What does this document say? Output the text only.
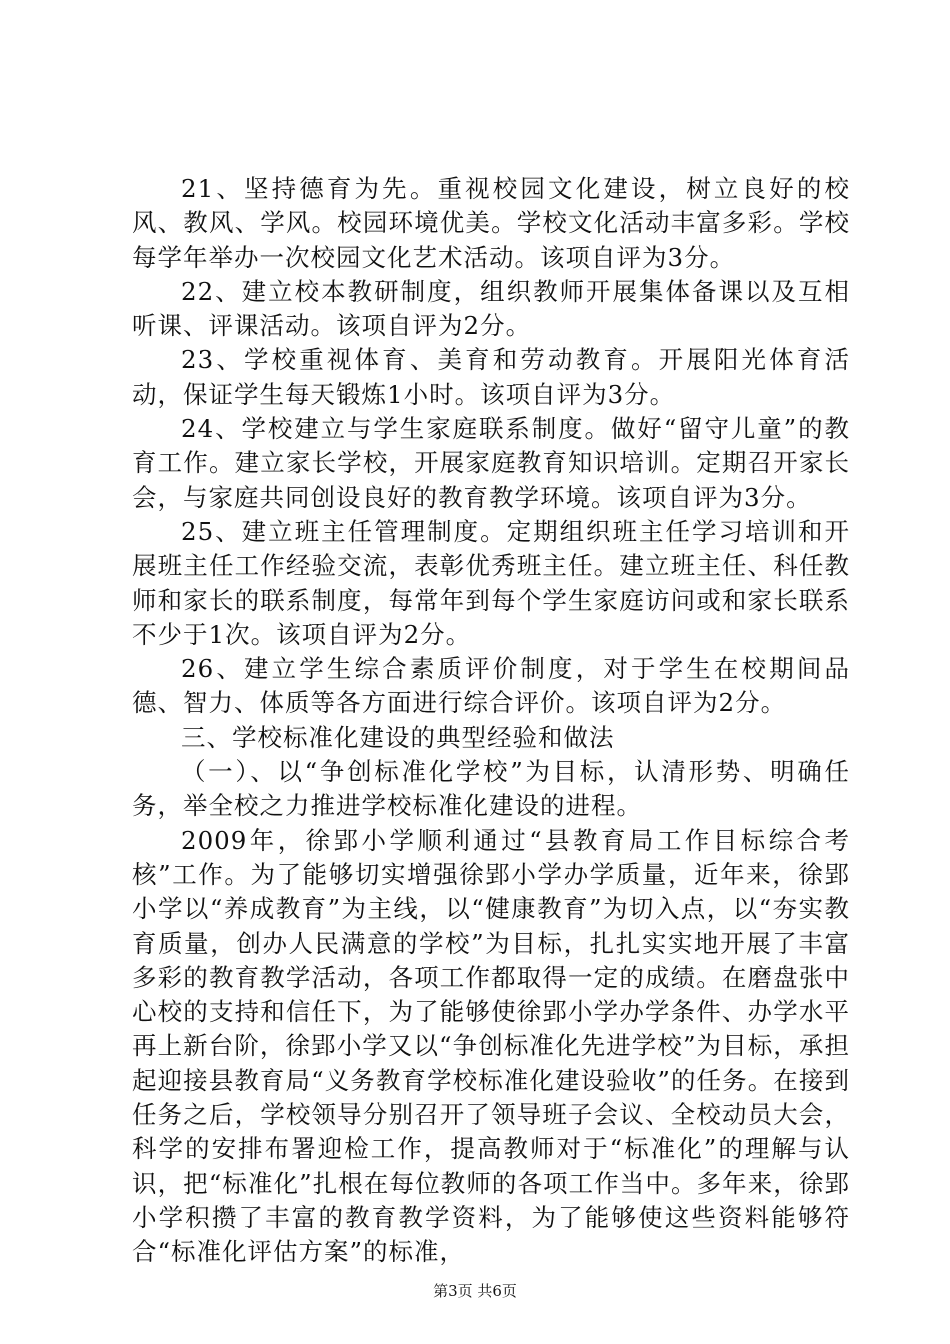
21、坚持德育为先。重视校园文化建设，树立良好的校风、教风、学风。校园环境优美。学校文化活动丰富多彩。学校每学年举办一次校园文化艺术活动。该项自评为3分。

22、建立校本教研制度，组织教师开展集体备课以及互相听课、评课活动。该项自评为2分。

23、学校重视体育、美育和劳动教育。开展阳光体育活动，保证学生每天锻炼1小时。该项自评为3分。

24、学校建立与学生家庭联系制度。做好“留守儿童”的教育工作。建立家长学校，开展家庭教育知识培训。定期召开家长会，与家庭共同创设良好的教育教学环境。该项自评为3分。

25、建立班主任管理制度。定期组织班主任学习培训和开展班主任工作经验交流，表彰优秀班主任。建立班主任、科任教师和家长的联系制度，每常年到每个学生家庭访问或和家长联系不少于1次。该项自评为2分。

26、建立学生综合素质评价制度，对于学生在校期间品德、智力、体质等各方面进行综合评价。该项自评为2分。

三、学校标准化建设的典型经验和做法

（一）、以“争创标准化学校”为目标，认清形势、明确任务，举全校之力推进学校标准化建设的进程。

2009年，徐郢小学顺利通过“县教育局工作目标综合考核”工作。为了能够切实增强徐郢小学办学质量，近年来，徐郢小学以“养成教育”为主线，以“健康教育”为切入点，以“夯实教育质量，创办人民满意的学校”为目标，扎扎实实地开展了丰富多彩的教育教学活动，各项工作都取得一定的成绩。在磨盘张中心校的支持和信任下，为了能够使徐郢小学办学条件、办学水平再上新台阶，徐郢小学又以“争创标准化先进学校”为目标，承担起迎接县教育局“义务教育学校标准化建设验收”的任务。在接到任务之后，学校领导分别召开了领导班子会议、全校动员大会，科学的安排布署迎检工作，提高教师对于“标准化”的理解与认识，把“标准化”扎根在每位教师的各项工作当中。多年来，徐郢小学积攒了丰富的教育教学资料，为了能够使这些资料能够符合“标准化评估方案”的标准，

第3页 共6页
